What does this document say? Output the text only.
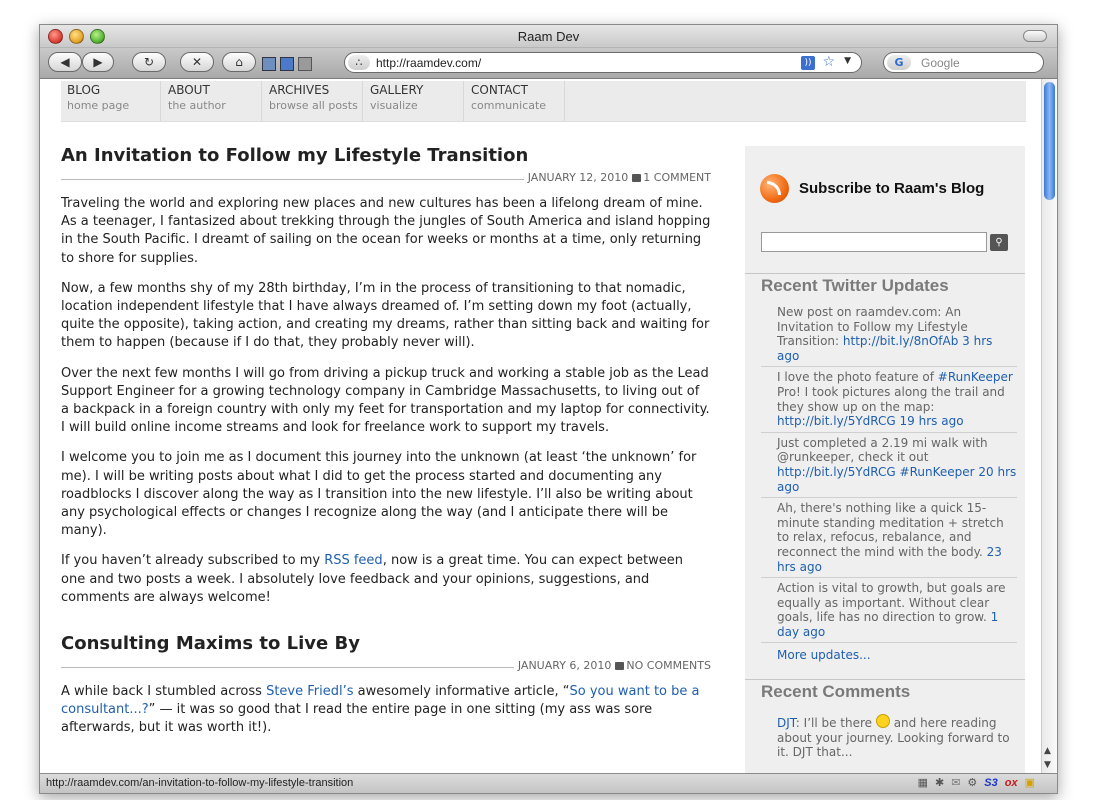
Raam Dev
◀ ▶	↻	✕	⌂	∴	http://raamdev.com/	)) ☆ ▼	G	Google
BLOG
home page
ABOUT
the author
ARCHIVES
browse all posts
GALLERY
visualize
CONTACT
communicate
An Invitation to Follow my Lifestyle Transition
JANUARY 12, 2010 1 COMMENT

Traveling the world and exploring new places and new cultures has been a lifelong dream of mine. As a teenager, I fantasized about trekking through the jungles of South America and island hopping in the South Pacific. I dreamt of sailing on the ocean for weeks or months at a time, only returning to shore for supplies.

Now, a few months shy of my 28th birthday, I’m in the process of transitioning to that nomadic, location independent lifestyle that I have always dreamed of. I’m setting down my foot (actually, quite the opposite), taking action, and creating my dreams, rather than sitting back and waiting for them to happen (because if I do that, they probably never will).

Over the next few months I will go from driving a pickup truck and working a stable job as the Lead Support Engineer for a growing technology company in Cambridge Massachusetts, to living out of a backpack in a foreign country with only my feet for transportation and my laptop for connectivity. I will build online income streams and look for freelance work to support my travels.

I welcome you to join me as I document this journey into the unknown (at least ‘the unknown’ for me). I will be writing posts about what I did to get the process started and documenting any roadblocks I discover along the way as I transition into the new lifestyle. I’ll also be writing about any psychological effects or changes I recognize along the way (and I anticipate there will be many).

If you haven’t already subscribed to my RSS feed, now is a great time. You can expect between one and two posts a week. I absolutely love feedback and your opinions, suggestions, and comments are always welcome!

Consulting Maxims to Live By
JANUARY 6, 2010 NO COMMENTS

A while back I stumbled across Steve Friedl’s awesomely informative article, “So you want to be a consultant...?” — it was so good that I read the entire page in one sitting (my ass was sore afterwards, but it was worth it!).

Subscribe to Raam's Blog
⚲
Recent Twitter Updates
New post on raamdev.com: An Invitation to Follow my Lifestyle Transition: http://bit.ly/8nOfAb 3 hrs ago
I love the photo feature of #RunKeeper Pro! I took pictures along the trail and they show up on the map: http://bit.ly/5YdRCG 19 hrs ago
Just completed a 2.19 mi walk with @runkeeper, check it out http://bit.ly/5YdRCG #RunKeeper 20 hrs ago
Ah, there's nothing like a quick 15-minute standing meditation + stretch to relax, refocus, rebalance, and reconnect the mind with the body. 23 hrs ago
Action is vital to growth, but goals are equally as important. Without clear goals, life has no direction to grow. 1 day ago
More updates...
Recent Comments
DJT: I’ll be there  and here reading about your journey. Looking forward to it. DJT that...	▲
▼
http://raamdev.com/an-invitation-to-follow-my-lifestyle-transition	▦ ✱ ✉ ⚙ S3 ox ▣
